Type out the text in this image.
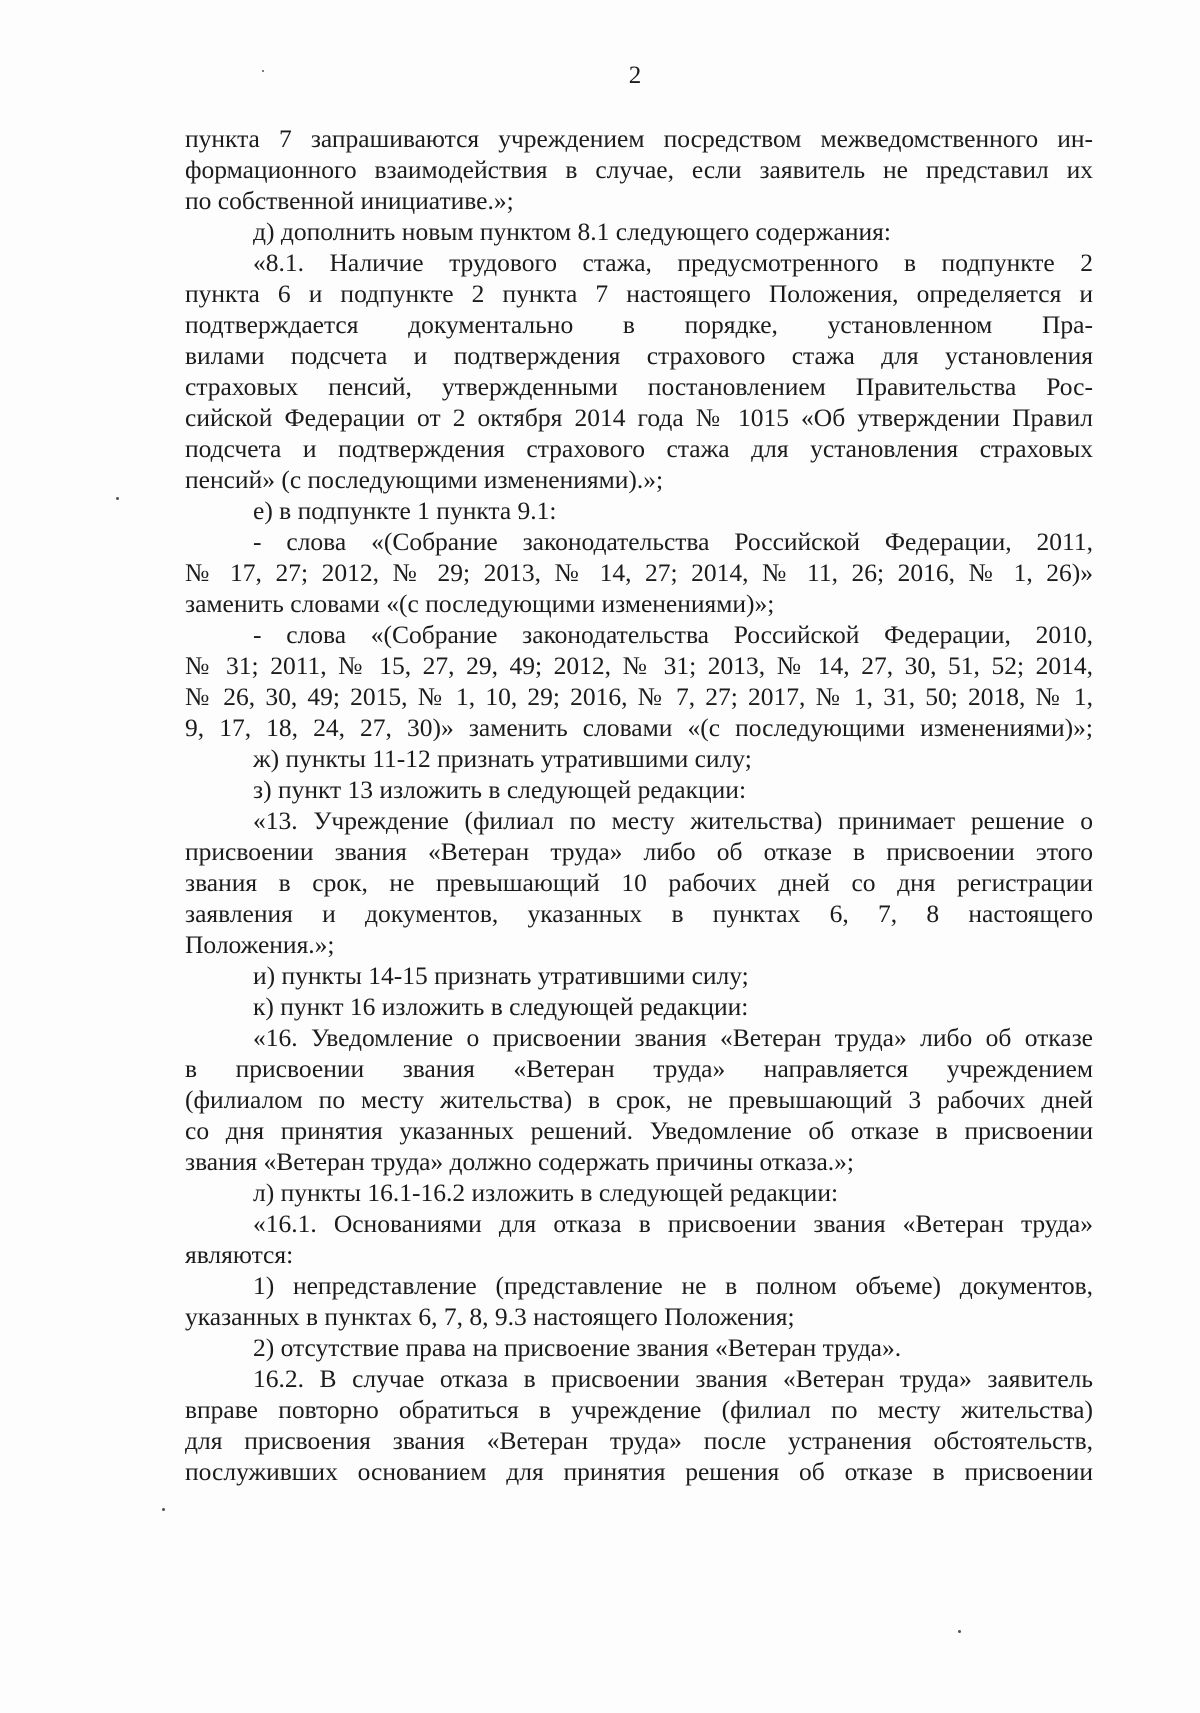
2
пункта 7 запрашиваются учреждением посредством межведомственного ин-
формационного взаимодействия в случае, если заявитель не представил их
по собственной инициативе.»;
д) дополнить новым пунктом 8.1 следующего содержания:
«8.1. Наличие трудового стажа, предусмотренного в подпункте 2
пункта 6 и подпункте 2 пункта 7 настоящего Положения, определяется и
подтверждается документально в порядке, установленном Пра-
вилами подсчета и подтверждения страхового стажа для установления
страховых пенсий, утвержденными постановлением Правительства Рос-
сийской Федерации от 2 октября 2014 года № 1015 «Об утверждении Правил
подсчета и подтверждения страхового стажа для установления страховых
пенсий» (с последующими изменениями).»;
е) в подпункте 1 пункта 9.1:
- слова «(Собрание законодательства Российской Федерации, 2011,
№ 17, 27; 2012, № 29; 2013, № 14, 27; 2014, № 11, 26; 2016, № 1, 26)»
заменить словами «(с последующими изменениями)»;
- слова «(Собрание законодательства Российской Федерации, 2010,
№ 31; 2011, № 15, 27, 29, 49; 2012, № 31; 2013, № 14, 27, 30, 51, 52; 2014,
№ 26, 30, 49; 2015, № 1, 10, 29; 2016, № 7, 27; 2017, № 1, 31, 50; 2018, № 1,
9, 17, 18, 24, 27, 30)» заменить словами «(с последующими изменениями)»;
ж) пункты 11-12 признать утратившими силу;
з) пункт 13 изложить в следующей редакции:
«13. Учреждение (филиал по месту жительства) принимает решение о
присвоении звания «Ветеран труда» либо об отказе в присвоении этого
звания в срок, не превышающий 10 рабочих дней со дня регистрации
заявления и документов, указанных в пунктах 6, 7, 8 настоящего
Положения.»;
и) пункты 14-15 признать утратившими силу;
к) пункт 16 изложить в следующей редакции:
«16. Уведомление о присвоении звания «Ветеран труда» либо об отказе
в присвоении звания «Ветеран труда» направляется учреждением
(филиалом по месту жительства) в срок, не превышающий 3 рабочих дней
со дня принятия указанных решений. Уведомление об отказе в присвоении
звания «Ветеран труда» должно содержать причины отказа.»;
л) пункты 16.1-16.2 изложить в следующей редакции:
«16.1. Основаниями для отказа в присвоении звания «Ветеран труда»
являются:
1) непредставление (представление не в полном объеме) документов,
указанных в пунктах 6, 7, 8, 9.3 настоящего Положения;
2) отсутствие права на присвоение звания «Ветеран труда».
16.2. В случае отказа в присвоении звания «Ветеран труда» заявитель
вправе повторно обратиться в учреждение (филиал по месту жительства)
для присвоения звания «Ветеран труда» после устранения обстоятельств,
послуживших основанием для принятия решения об отказе в присвоении
